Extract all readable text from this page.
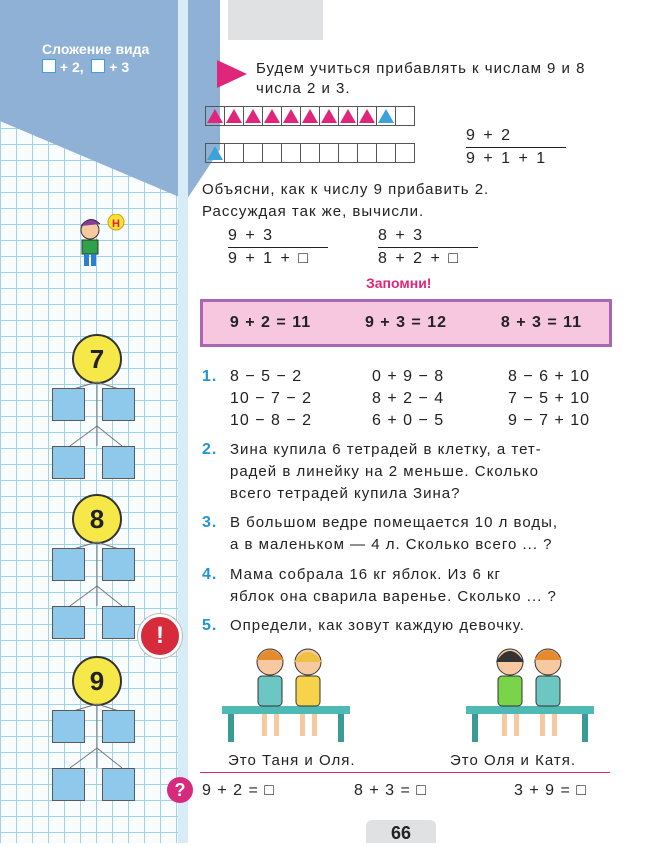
Сложение вида
+ 2,   + 3
Н
7
8
9
!
Будем учиться прибавлять к числам 9 и 8
числа 2 и 3.
$\frac{9 + 2}{9 + 1 + 1}$
Объясни, как к числу 9 прибавить 2.
Рассуждая так же, вычисли.
$\frac{9 + 3}{9 + 1 + □}$	$\frac{8 + 3}{8 + 2 + □}$
Запомни!
9 + 2 = 11	9 + 3 = 12	8 + 3 = 11
1. 8 − 5 − 2	0 + 9 − 8	8 − 6 + 10
10 − 7 − 2	8 + 2 − 4	7 − 5 + 10
10 − 8 − 2	6 + 0 − 5	9 − 7 + 10
2. Зина купила 6 тетрадей в клетку, а тет-
радей в линейку на 2 меньше. Сколько
всего тетрадей купила Зина?
3. В большом ведре помещается 10 л воды,
а в маленьком — 4 л. Сколько всего ... ?
4. Мама собрала 16 кг яблок. Из 6 кг
яблок она сварила варенье. Сколько ... ?
5. Определи, как зовут каждую девочку.
Это Таня и Оля.	Это Оля и Катя.
?	9 + 2 = □	8 + 3 = □	3 + 9 = □
66
